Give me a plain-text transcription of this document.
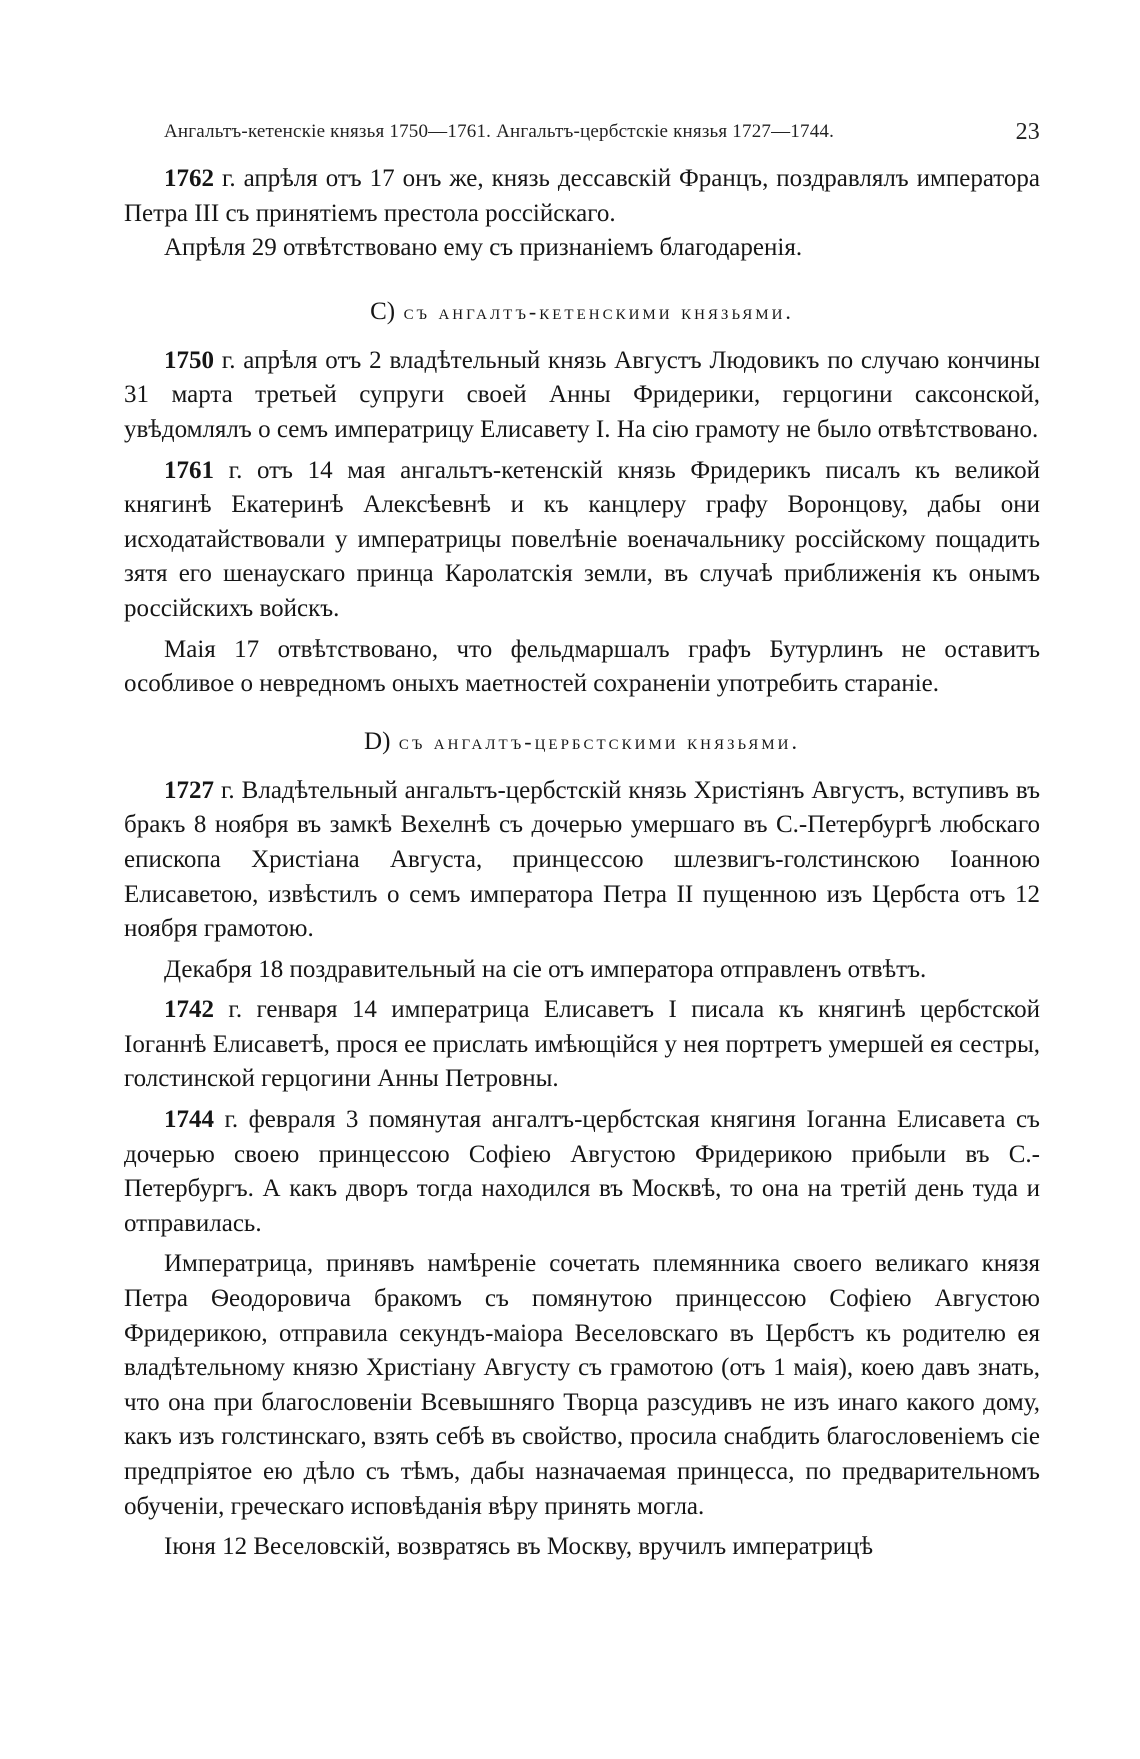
Ангальтъ-кетенскіе князья 1750—1761. Ангальтъ-цербстскіе князья 1727—1744.	23

1762 г. апрѣля отъ 17 онъ же, князь дессавскій Францъ, поздравлялъ императора Петра III съ принятіемъ престола россійскаго.

Апрѣля 29 отвѣтствовано ему съ признаніемъ благодаренія.

C) съ ангалтъ-кетенскими князьями.

1750 г. апрѣля отъ 2 владѣтельный князь Августъ Людовикъ по случаю кончины 31 марта третьей супруги своей Анны Фридерики, герцогини саксонской, увѣдомлялъ о семъ императрицу Елисавету I. На сію грамоту не было отвѣтствовано.

1761 г. отъ 14 мая ангальтъ-кетенскій князь Фридерикъ писалъ къ великой княгинѣ Екатеринѣ Алексѣевнѣ и къ канцлеру графу Воронцову, дабы они исходатайствовали у императрицы повелѣніе военачальнику россійскому пощадить зятя его шенаускаго принца Каролатскія земли, въ случаѣ приближенія къ онымъ россійскихъ войскъ.

Маія 17 отвѣтствовано, что фельдмаршалъ графъ Бутурлинъ не оставитъ особливое о невредномъ оныхъ маетностей сохраненіи употребить стараніе.

D) съ ангалтъ-цербстскими князьями.

1727 г. Владѣтельный ангальтъ-цербстскій князь Христіянъ Августъ, вступивъ въ бракъ 8 ноября въ замкѣ Вехелнѣ съ дочерью умершаго въ С.-Петербургѣ любскаго епископа Христіана Августа, принцессою шлезвигъ-голстинскою Іоанною Елисаветою, извѣстилъ о семъ императора Петра II пущенною изъ Цербста отъ 12 ноября грамотою.

Декабря 18 поздравительный на сіе отъ императора отправленъ отвѣтъ.

1742 г. генваря 14 императрица Елисаветъ I писала къ княгинѣ цербстской Іоганнѣ Елисаветѣ, прося ее прислать имѣющійся у нея портретъ умершей ея сестры, голстинской герцогини Анны Петровны.

1744 г. февраля 3 помянутая ангалтъ-цербстская княгиня Іоганна Елисавета съ дочерью своею принцессою Софіею Августою Фридерикою прибыли въ С.-Петербургъ. А какъ дворъ тогда находился въ Москвѣ, то она на третій день туда и отправилась.

Императрица, принявъ намѣреніе сочетать племянника своего великаго князя Петра Ѳеодоровича бракомъ съ помянутою принцессою Софіею Августою Фридерикою, отправила секундъ-маіора Веселовскаго въ Цербстъ къ родителю ея владѣтельному князю Христіану Августу съ грамотою (отъ 1 маія), коею давъ знать, что она при благословеніи Всевышняго Творца разсудивъ не изъ инаго какого дому, какъ изъ голстинскаго, взять себѣ въ свойство, просила снабдить благословеніемъ сіе предпріятое ею дѣло съ тѣмъ, дабы назначаемая принцесса, по предварительномъ обученіи, греческаго исповѣданія вѣру принять могла.

Іюня 12 Веселовскій, возвратясь въ Москву, вручилъ императрицѣ
